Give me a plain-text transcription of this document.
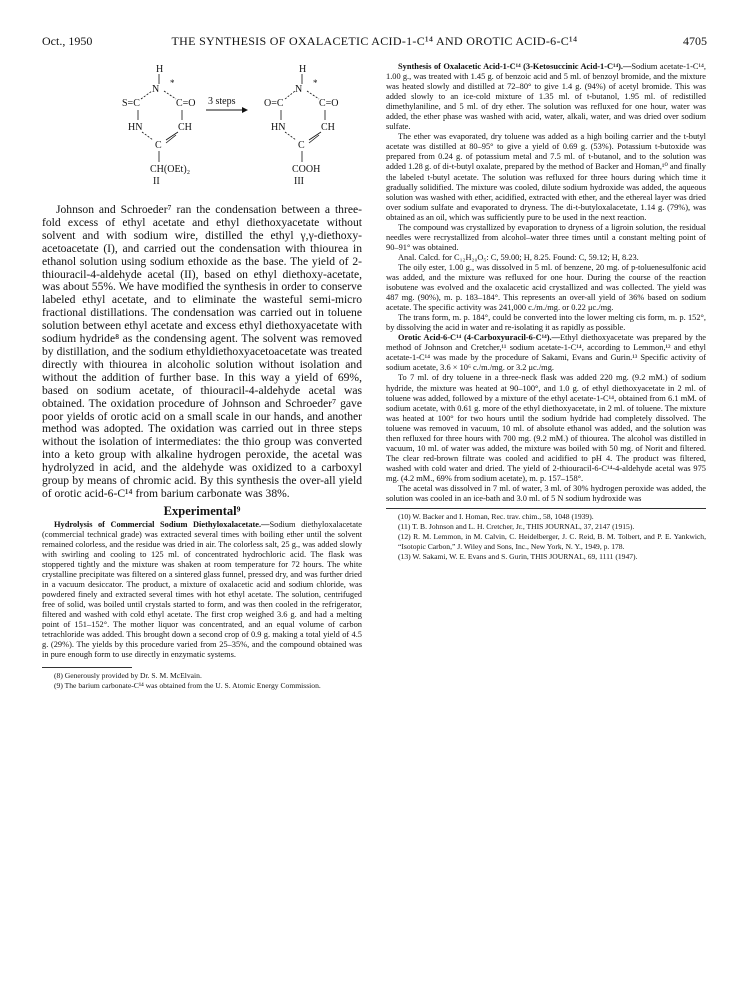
Oct., 1950	THE SYNTHESIS OF OXALACETIC ACID-1-C¹⁴ AND OROTIC ACID-6-C¹⁴	4705
H
N
*
S=C	C=O
HN	CH
C
CH(OEt)₂
II
3 steps
H
N
*
O=C	C=O
HN	CH
C
COOH
III

Johnson and Schroeder⁷ ran the condensation between a three-fold excess of ethyl acetate and ethyl diethoxyacetate without solvent and with sodium wire, distilled the ethyl γ,γ-diethoxy-acetoacetate (I), and carried out the condensation with thiourea in ethanol solution using sodium ethoxide as the base. The yield of 2-thiouracil-4-aldehyde acetal (II), based on ethyl diethoxy-acetate, was about 55%. We have modified the synthesis in order to conserve labeled ethyl acetate, and to eliminate the wasteful semi-micro fractional distillations. The condensation was carried out in toluene solution between ethyl acetate and excess ethyl diethoxyacetate with sodium hydride⁸ as the condensing agent. The solvent was removed by distillation, and the sodium ethyldiethoxyacetoacetate was treated directly with thiourea in alcoholic solution without isolation and without the addition of further base. In this way a yield of 69%, based on sodium acetate, of thiouracil-4-aldehyde acetal was obtained. The oxidation procedure of Johnson and Schroeder⁷ gave poor yields of orotic acid on a small scale in our hands, and another method was adopted. The oxidation was carried out in three steps without the isolation of intermediates: the thio group was converted into a keto group with alkaline hydrogen peroxide, the acetal was hydrolyzed in acid, and the aldehyde was oxidized to a carboxyl group by means of chromic acid. By this synthesis the over-all yield of orotic acid-6-C¹⁴ from barium carbonate was 38%.

Experimental⁹

Hydrolysis of Commercial Sodium Diethyloxalacetate.—Sodium diethyloxalacetate (commercial technical grade) was extracted several times with boiling ether until the solvent remained colorless, and the residue was dried in air. The colorless salt, 25 g., was added slowly with swirling and cooling to 125 ml. of concentrated hydrochloric acid. The flask was stoppered tightly and the mixture was shaken at room temperature for 72 hours. The white crystalline precipitate was filtered on a sintered glass funnel, pressed dry, and was further dried in a vacuum desiccator. The product, a mixture of oxalacetic acid and sodium chloride, was powdered finely and extracted several times with hot ethyl acetate. The solution, centrifuged free of solid, was boiled until crystals started to form, and was then cooled in the refrigerator, filtered and washed with cold ethyl acetate. The first crop weighed 3.6 g. and had a melting point of 151–152°. The mother liquor was concentrated, and an equal volume of carbon tetrachloride was added. This brought down a second crop of 0.9 g. making a total yield of 4.5 g. (29%). The yields by this procedure varied from 25–35%, and the compound obtained was in pure enough form to use directly in enzymatic systems.

(8) Generously provided by Dr. S. M. McElvain.
(9) The barium carbonate-C¹⁴ was obtained from the U. S. Atomic Energy Commission.

Synthesis of Oxalacetic Acid-1-C¹⁴ (3-Ketosuccinic Acid-1-C¹⁴).—Sodium acetate-1-C¹⁴, 1.00 g., was treated with 1.45 g. of benzoic acid and 5 ml. of benzoyl bromide, and the mixture was heated slowly and distilled at 72–80° to give 1.4 g. (94%) of acetyl bromide. This was added slowly to an ice-cold mixture of 1.35 ml. of t-butanol, 1.95 ml. of redistilled dimethylaniline, and 5 ml. of dry ether. The solution was refluxed for one hour, water was added, the ether phase was washed with acid, water, alkali, water, and was dried over sodium sulfate.

The ether was evaporated, dry toluene was added as a high boiling carrier and the t-butyl acetate was distilled at 80–95° to give a yield of 0.69 g. (53%). Potassium t-butoxide was prepared from 0.24 g. of potassium metal and 7.5 ml. of t-butanol, and to the solution was added 1.28 g. of di-t-butyl oxalate, prepared by the method of Backer and Homan,¹⁰ and finally the labeled t-butyl acetate. The solution was refluxed for three hours during which time it gradually solidified. The mixture was cooled, dilute sodium hydroxide was added, the aqueous solution was washed with ether, acidified, extracted with ether, and the ethereal layer was dried over sodium sulfate and evaporated to dryness. The di-t-butyloxalacetate, 1.14 g. (79%), was obtained as an oil, which was sufficiently pure to be used in the next reaction.

The compound was crystallized by evaporation to dryness of a ligroin solution, the residual needles were recrystallized from alcohol–water three times until a constant melting point of 90–91° was obtained.

Anal. Calcd. for C₁₂H₂₀O₅: C, 59.00; H, 8.25. Found: C, 59.12; H, 8.23.

The oily ester, 1.00 g., was dissolved in 5 ml. of benzene, 20 mg. of p-toluenesulfonic acid was added, and the mixture was refluxed for one hour. During the course of the reaction isobutene was evolved and the oxalacetic acid crystallized and was collected. The yield was 487 mg. (90%), m. p. 183–184°. This represents an over-all yield of 36% based on sodium acetate. The specific activity was 241,000 c./m./mg. or 0.22 μc./mg.

The trans form, m. p. 184°, could be converted into the lower melting cis form, m. p. 152°, by dissolving the acid in water and re-isolating it as rapidly as possible.

Orotic Acid-6-C¹⁴ (4-Carboxyuracil-6-C¹⁴).—Ethyl diethoxyacetate was prepared by the method of Johnson and Cretcher,¹¹ sodium acetate-1-C¹⁴, according to Lemmon,¹² and ethyl acetate-1-C¹⁴ was made by the procedure of Sakami, Evans and Gurin.¹³ Specific activity of sodium acetate, 3.6 × 10⁶ c./m./mg. or 3.2 μc./mg.

To 7 ml. of dry toluene in a three-neck flask was added 220 mg. (9.2 mM.) of sodium hydride, the mixture was heated at 90–100°, and 1.0 g. of ethyl diethoxyacetate in 2 ml. of toluene was added, followed by a mixture of the ethyl acetate-1-C¹⁴, obtained from 6.1 mM. of sodium acetate, with 0.61 g. more of the ethyl diethoxyacetate, in 2 ml. of toluene. The mixture was heated at 100° for two hours until the sodium hydride had completely dissolved. The toluene was removed in vacuum, 10 ml. of absolute ethanol was added, and the solution was then refluxed for three hours with 700 mg. (9.2 mM.) of thiourea. The alcohol was distilled in vacuum, 10 ml. of water was added, the mixture was boiled with 50 mg. of Norit and filtered. The clear red-brown filtrate was cooled and acidified to pH 4. The product was filtered, washed with cold water and dried. The yield of 2-thiouracil-6-C¹⁴-4-aldehyde acetal was 975 mg. (4.2 mM., 69% from sodium acetate), m. p. 157–158°.

The acetal was dissolved in 7 ml. of water, 3 ml. of 30% hydrogen peroxide was added, the solution was cooled in an ice-bath and 3.0 ml. of 5 N sodium hydroxide was

(10) W. Backer and I. Homan, Rec. trav. chim., 58, 1048 (1939).
(11) T. B. Johnson and L. H. Cretcher, Jr., THIS JOURNAL, 37, 2147 (1915).
(12) R. M. Lemmon, in M. Calvin, C. Heidelberger, J. C. Reid, B. M. Tolbert, and P. E. Yankwich, “Isotopic Carbon,” J. Wiley and Sons, Inc., New York, N. Y., 1949, p. 178.
(13) W. Sakami, W. E. Evans and S. Gurin, THIS JOURNAL, 69, 1111 (1947).
